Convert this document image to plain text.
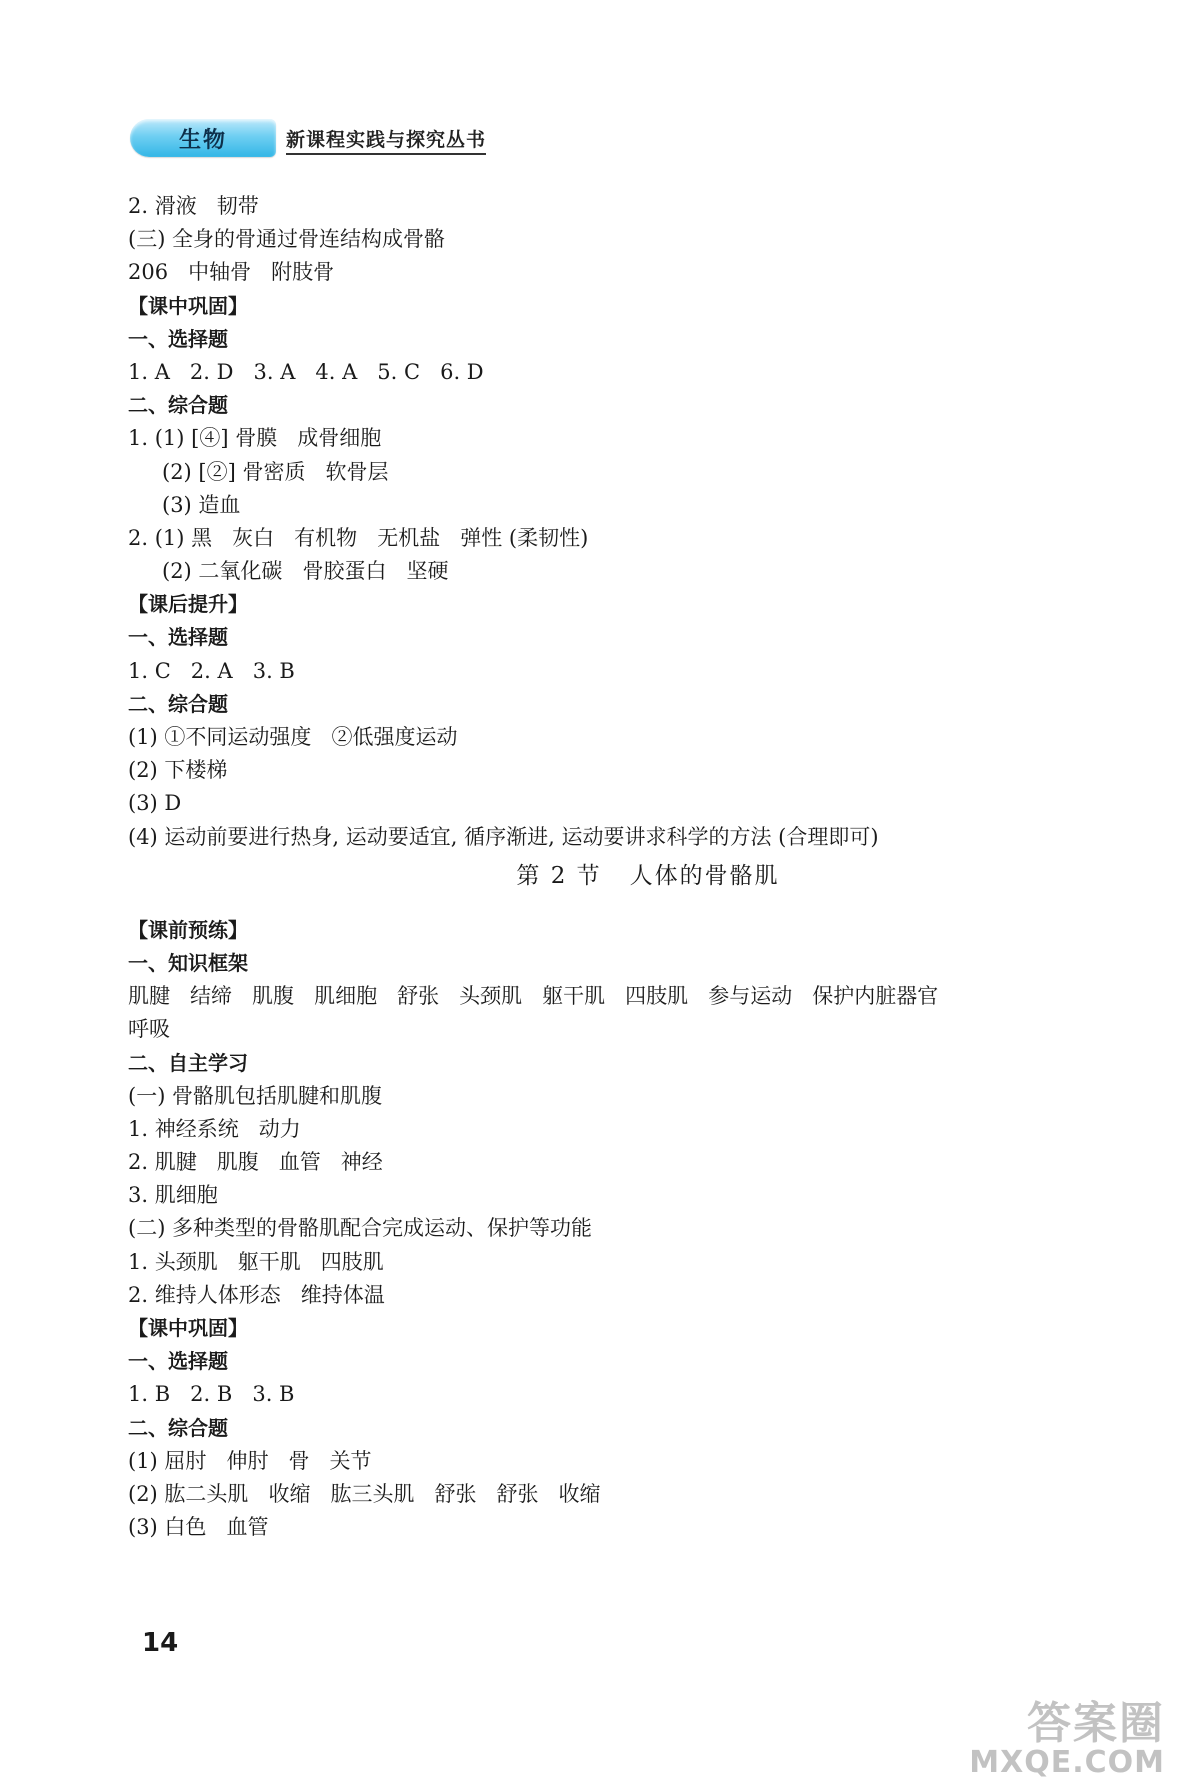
生物	新课程实践与探究丛书
2. 滑液   韧带
(三) 全身的骨通过骨连结构成骨骼
206   中轴骨   附肢骨
【课中巩固】
一、选择题
1. A   2. D   3. A   4. A   5. C   6. D
二、综合题
1. (1) [④] 骨膜   成骨细胞
(2) [②] 骨密质   软骨层
(3) 造血
2. (1) 黑   灰白   有机物   无机盐   弹性 (柔韧性)
(2) 二氧化碳   骨胶蛋白   坚硬
【课后提升】
一、选择题
1. C   2. A   3. B
二、综合题
(1) ①不同运动强度   ②低强度运动
(2) 下楼梯
(3) D
(4) 运动前要进行热身, 运动要适宜, 循序渐进, 运动要讲求科学的方法 (合理即可)
第 2 节   人体的骨骼肌
【课前预练】
一、知识框架
肌腱   结缔   肌腹   肌细胞   舒张   头颈肌   躯干肌   四肢肌   参与运动   保护内脏器官
呼吸
二、自主学习
(一) 骨骼肌包括肌腱和肌腹
1. 神经系统   动力
2. 肌腱   肌腹   血管   神经
3. 肌细胞
(二) 多种类型的骨骼肌配合完成运动、保护等功能
1. 头颈肌   躯干肌   四肢肌
2. 维持人体形态   维持体温
【课中巩固】
一、选择题
1. B   2. B   3. B
二、综合题
(1) 屈肘   伸肘   骨   关节
(2) 肱二头肌   收缩   肱三头肌   舒张   舒张   收缩
(3) 白色   血管
14
答案圈
MXQE.COM
